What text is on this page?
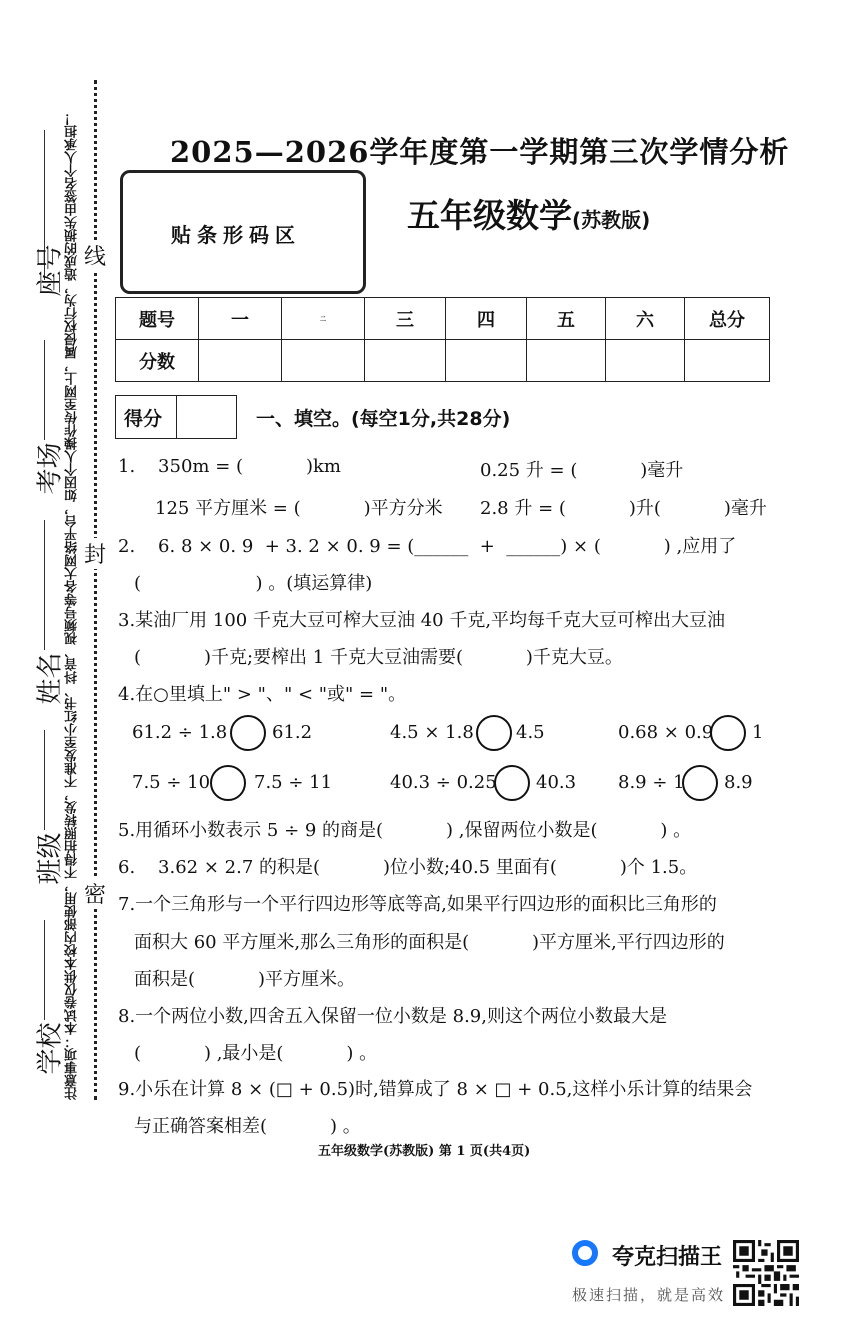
注意事项：本试卷仅供本校内部使用，不得拍照转发，不准发至小红书、抖音、视频号等各大网络平台，如因个人操作传至网上，属侵权行为，造成的损失由签名个人承担！
座号
考场
姓名
班级
学校
线
封
密
2025—2026学年度第一学期第三次学情分析
贴条形码区	五年级数学(苏教版)
题号	一	二	三	四	五	六	总分
分数							
得分	一、填空。(每空1分,共28分)
1.    350m = (           )km	0.25 升 = (           )毫升
125 平方厘米 = (           )平方分米 2.8 升 = (           )升(           )毫升
2.    6. 8 × 0. 9  + 3. 2 × 0. 9 = (______  +  ______) × (           ) ,应用了
(                    ) 。(填运算律)
3.某油厂用 100 千克大豆可榨大豆油 40 千克,平均每千克大豆可榨出大豆油
(           )千克;要榨出 1 千克大豆油需要(           )千克大豆。
4.在○里填上" > "、" < "或" = "。
61.2 ÷ 1.8 61.2	4.5 × 1.8 4.5	0.68 × 0.9 1
7.5 ÷ 10 7.5 ÷ 11	40.3 ÷ 0.25 40.3 8.9 ÷ 1 8.9
5.用循环小数表示 5 ÷ 9 的商是(           ) ,保留两位小数是(           ) 。
6.    3.62 × 2.7 的积是(           )位小数;40.5 里面有(           )个 1.5。
7.一个三角形与一个平行四边形等底等高,如果平行四边形的面积比三角形的
面积大 60 平方厘米,那么三角形的面积是(           )平方厘米,平行四边形的
面积是(           )平方厘米。
8.一个两位小数,四舍五入保留一位小数是 8.9,则这个两位小数最大是
(           ) ,最小是(           ) 。
9.小乐在计算 8 × (□ + 0.5)时,错算成了 8 × □ + 0.5,这样小乐计算的结果会
与正确答案相差(           ) 。
五年级数学(苏教版) 第 1 页(共4页)
夸克扫描王
极速扫描，就是高效
